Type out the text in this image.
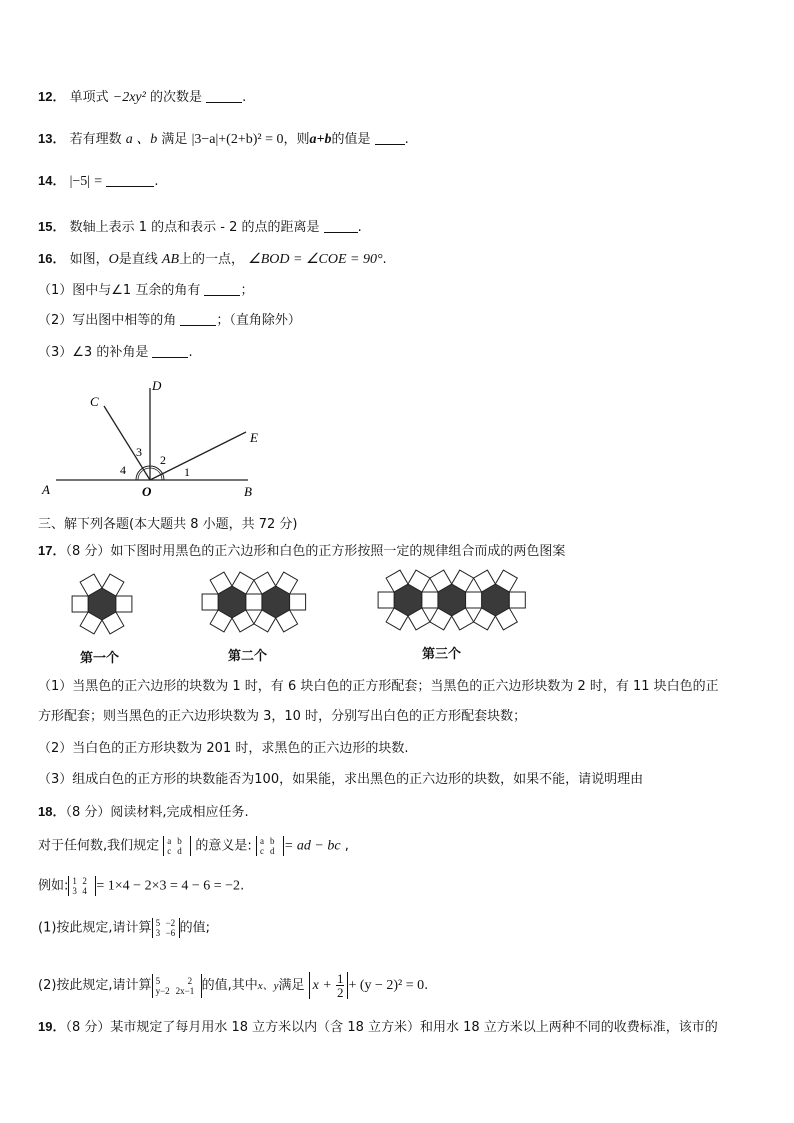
12． 单项式 −2xy² 的次数是	.
13． 若有理数 a 、b 满足 |3−a|+(2+b)² = 0，则a+b的值是	.
14． |−5| =	.
15． 数轴上表示 1 的点和表示 - 2 的点的距离是	.
16． 如图，O是直线 AB上的一点， ∠BOD = ∠COE = 90°.
（1）图中与∠1 互余的角有	；
（2）写出图中相等的角	；（直角除外）
（3）∠3 的补角是	.
A	B
C
D
E
O
1
2
3
4
三、解下列各题(本大题共 8 小题，共 72 分)
17．（8 分）如下图时用黑色的正六边形和白色的正方形按照一定的规律组合而成的两色图案
第一个	第二个	第三个
（1）当黑色的正六边形的块数为 1 时，有 6 块白色的正方形配套；当黑色的正六边形块数为 2 时，有 11 块白色的正
方形配套；则当黑色的正六边形块数为 3，10 时，分别写出白色的正方形配套块数；
（2）当白色的正方形块数为 201 时，求黑色的正六边形的块数.
（3）组成白色的正方形的块数能否为100，如果能，求出黑色的正六边形的块数，如果不能，请说明理由
18．（8 分）阅读材料,完成相应任务.
对于任何数,我们规定 a b
c d 的意义是: a b
c d = ad − bc ,
例如: 1 2
3 4 = 1×4 − 2×3 = 4 − 6 = −2.
(1)按此规定,请计算 5 −2
3 −6 的值;
(2)按此规定,请计算 5	2
y−2 2x−1 的值,其中x、y满足 $x + \frac{1}{2} + (y - 2)^2 = 0$.
19．（8 分）某市规定了每月用水 18 立方米以内（含 18 立方米）和用水 18 立方米以上两种不同的收费标准，该市的
